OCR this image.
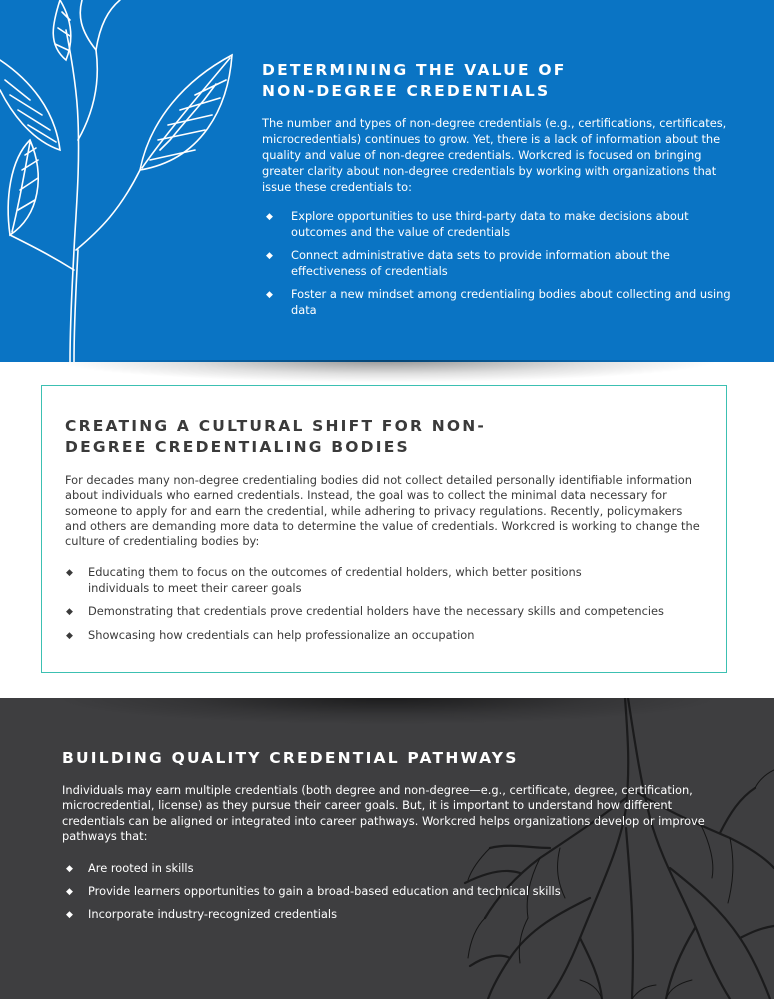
DETERMINING THE VALUE OF NON-DEGREE CREDENTIALS

The number and types of non-degree credentials (e.g., certifications, certificates, microcredentials) continues to grow. Yet, there is a lack of information about the quality and value of non-degree credentials. Workcred is focused on bringing greater clarity about non-degree credentials by working with organizations that issue these credentials to:

◆ Explore opportunities to use third-party data to make decisions about outcomes and the value of credentials
◆ Connect administrative data sets to provide information about the effectiveness of credentials
◆ Foster a new mindset among credentialing bodies about collecting and using data
CREATING A CULTURAL SHIFT FOR NON-DEGREE CREDENTIALING BODIES

For decades many non-degree credentialing bodies did not collect detailed personally identifiable information about individuals who earned credentials. Instead, the goal was to collect the minimal data necessary for someone to apply for and earn the credential, while adhering to privacy regulations. Recently, policymakers and others are demanding more data to determine the value of credentials. Workcred is working to change the culture of credentialing bodies by:

◆ Educating them to focus on the outcomes of credential holders, which better positions individuals to meet their career goals
◆ Demonstrating that credentials prove credential holders have the necessary skills and competencies
◆ Showcasing how credentials can help professionalize an occupation
BUILDING QUALITY CREDENTIAL PATHWAYS

Individuals may earn multiple credentials (both degree and non-degree—e.g., certificate, degree, certification, microcredential, license) as they pursue their career goals. But, it is important to understand how different credentials can be aligned or integrated into career pathways. Workcred helps organizations develop or improve pathways that:

◆ Are rooted in skills
◆ Provide learners opportunities to gain a broad-based education and technical skills
◆ Incorporate industry-recognized credentials
